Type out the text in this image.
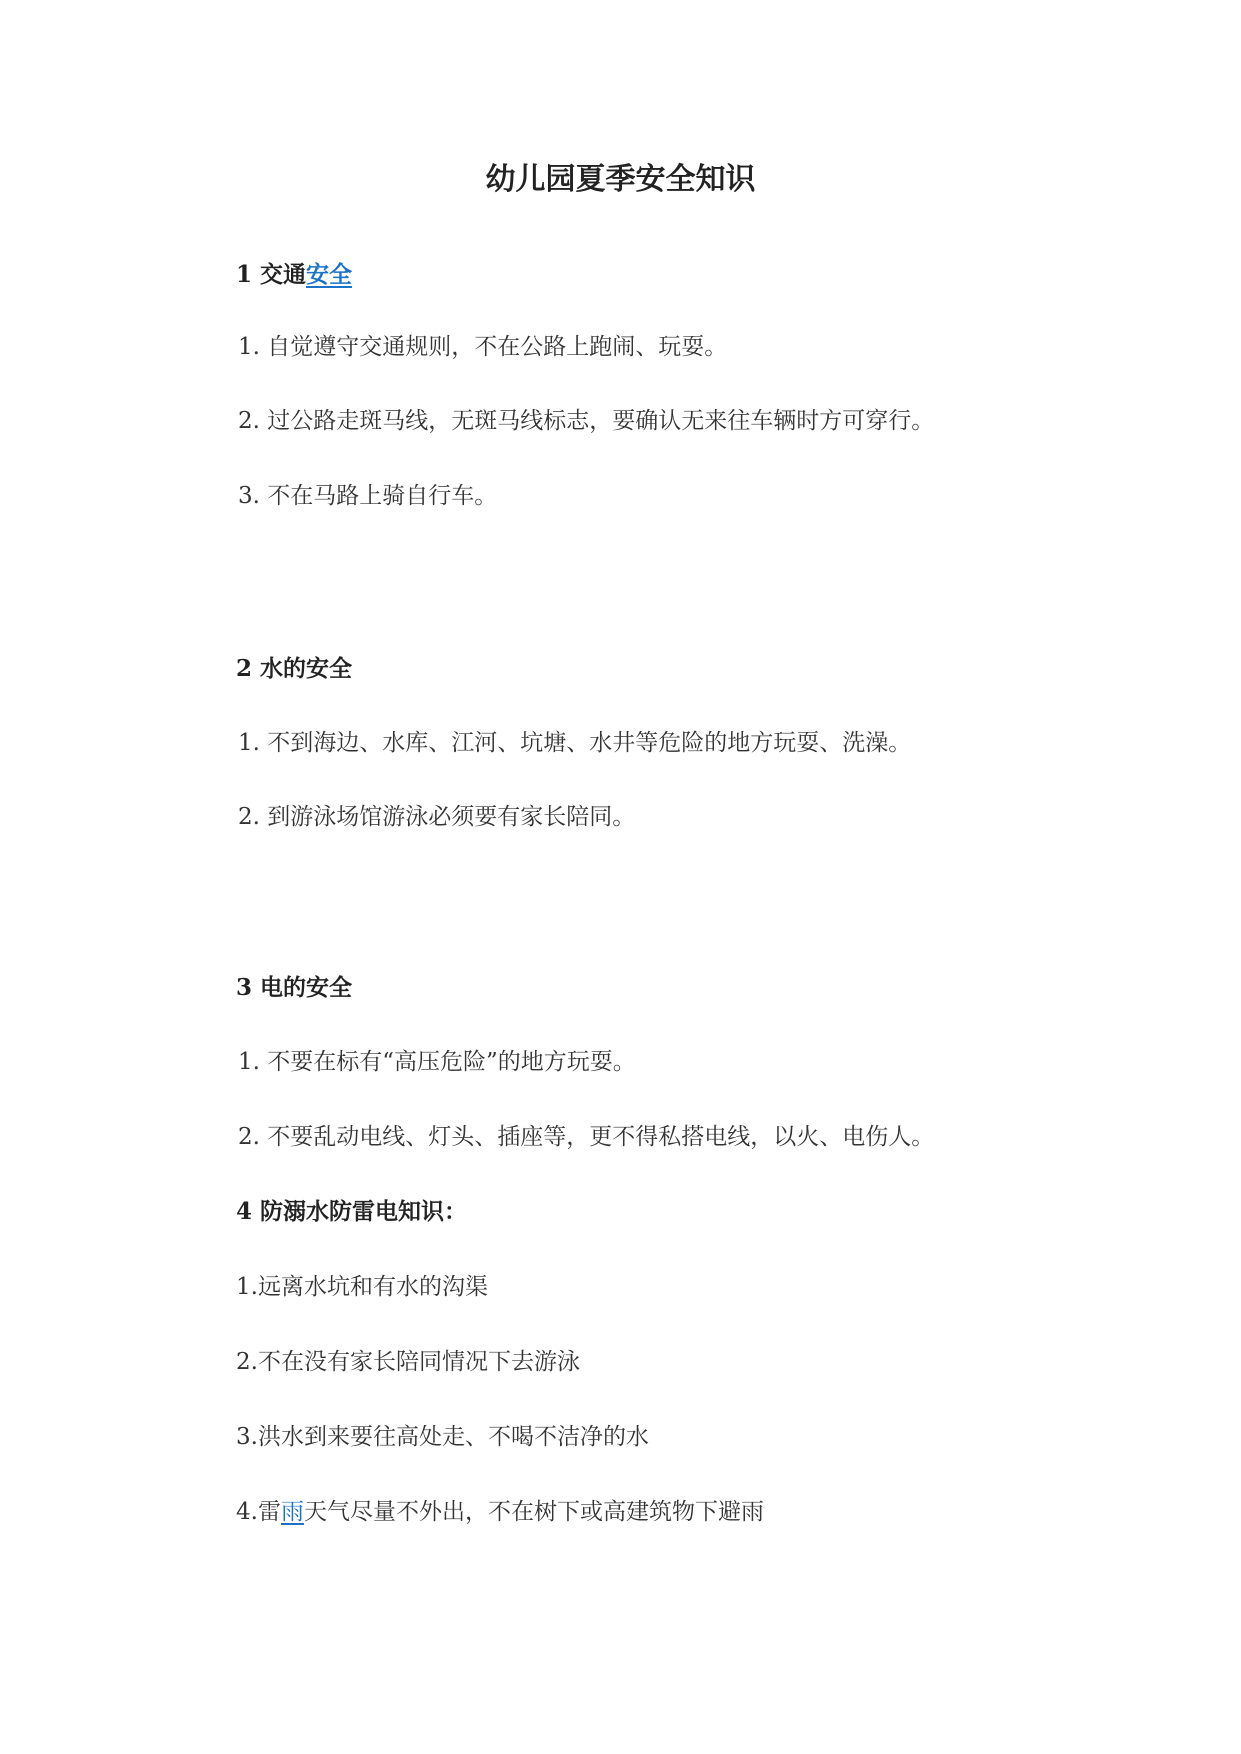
幼儿园夏季安全知识
1 交通安全
1. 自觉遵守交通规则，不在公路上跑闹、玩耍。
2. 过公路走斑马线，无斑马线标志，要确认无来往车辆时方可穿行。
3. 不在马路上骑自行车。
2 水的安全
1. 不到海边、水库、江河、坑塘、水井等危险的地方玩耍、洗澡。
2. 到游泳场馆游泳必须要有家长陪同。
3 电的安全
1. 不要在标有“高压危险”的地方玩耍。
2. 不要乱动电线、灯头、插座等，更不得私搭电线，以火、电伤人。
4 防溺水防雷电知识：
1.远离水坑和有水的沟渠
2.不在没有家长陪同情况下去游泳
3.洪水到来要往高处走、不喝不洁净的水
4.雷雨天气尽量不外出，不在树下或高建筑物下避雨
